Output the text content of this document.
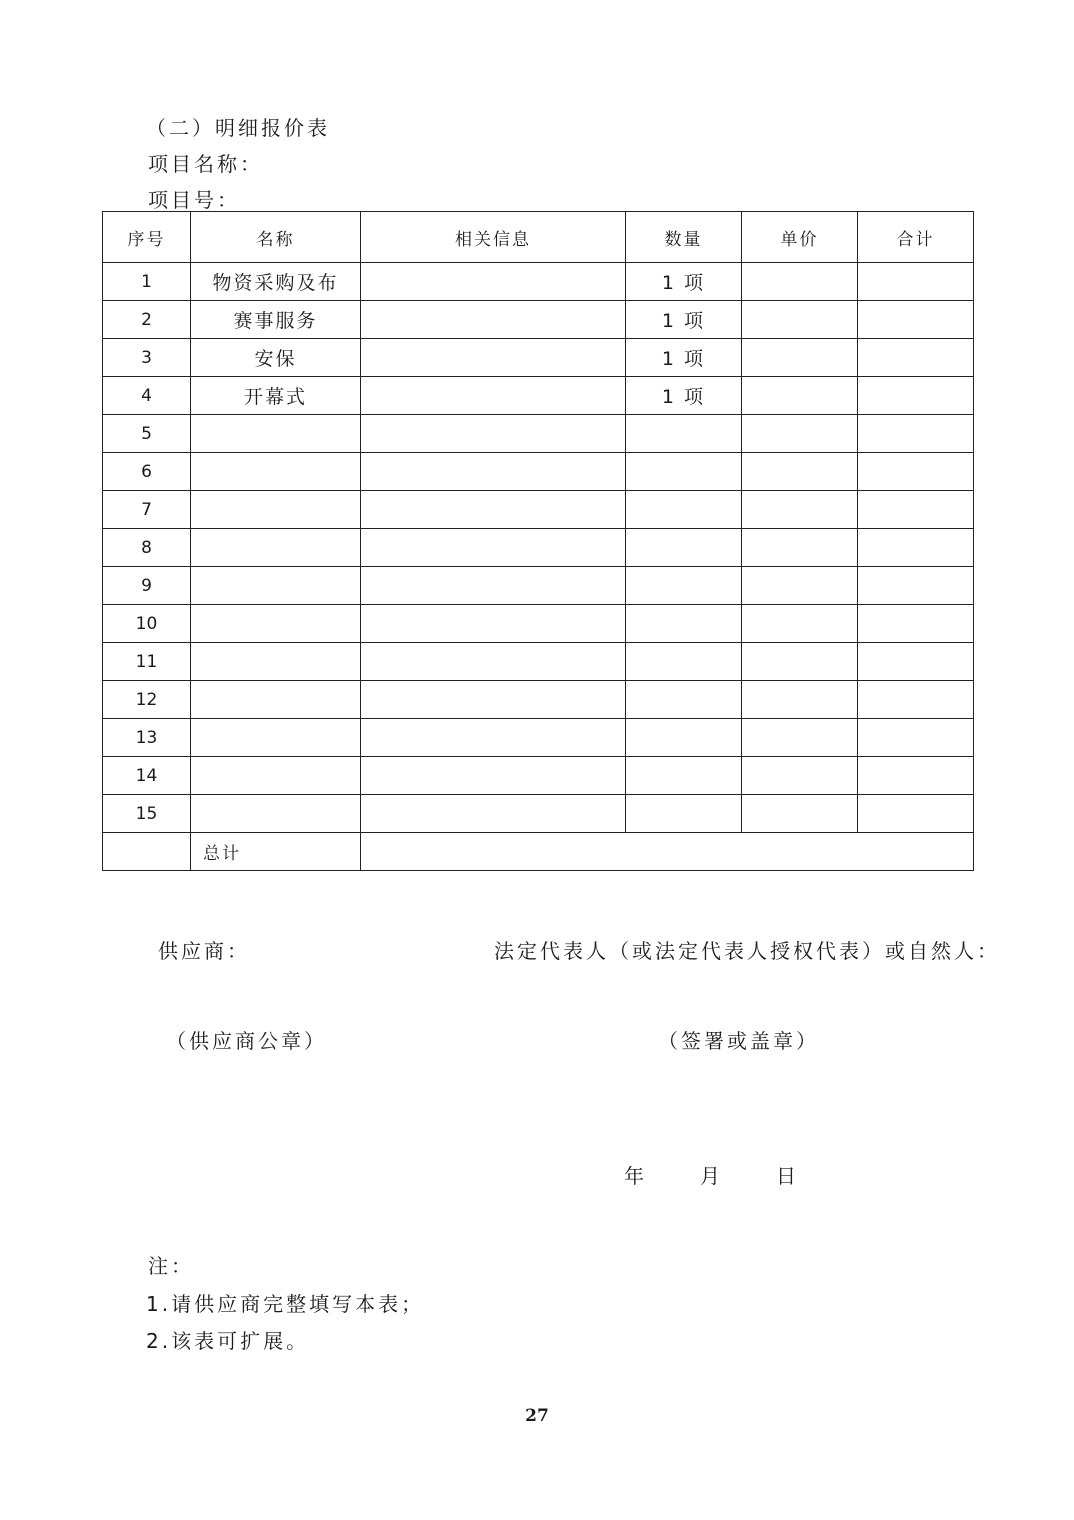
（二）明细报价表
项目名称：
项目号：
序号	名称	相关信息	数量	单价	合计
1	物资采购及布		1 项		
2	赛事服务		1 项		
3	安保		1 项		
4	开幕式		1 项		
5					
6					
7					
8					
9					
10					
11					
12					
13					
14					
15					
	总计				
供应商：	法定代表人（或法定代表人授权代表）或自然人：
（供应商公章）	（签署或盖章）
年	月	日
注：
1.请供应商完整填写本表；
2.该表可扩展。
27
